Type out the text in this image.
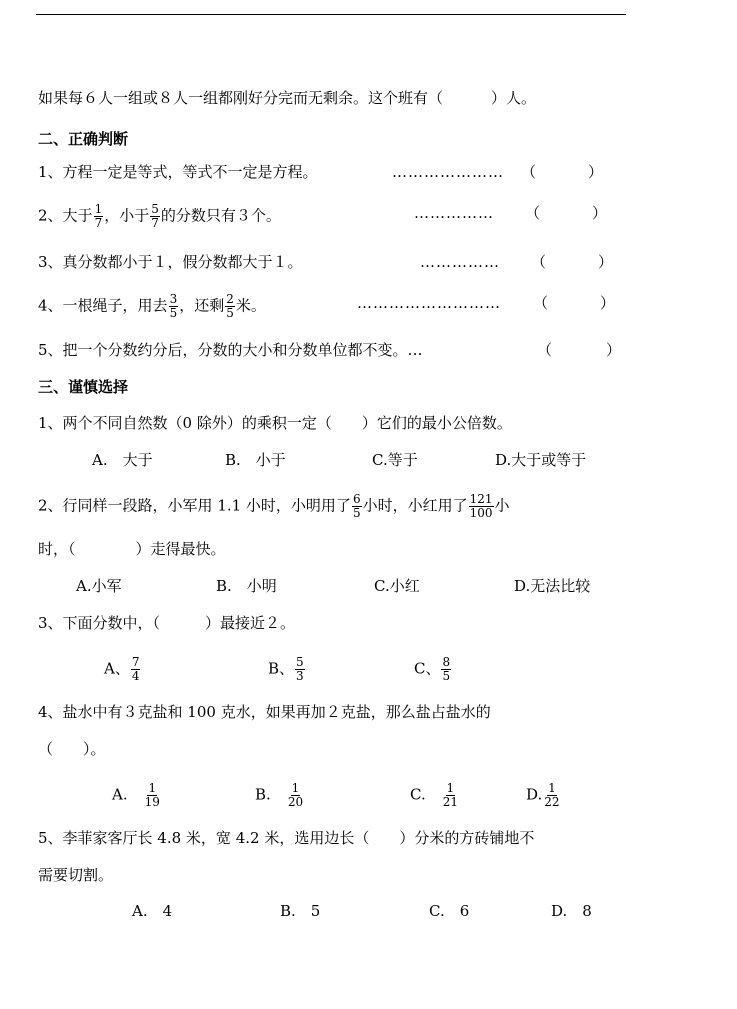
如果每６人一组或８人一组都刚好分完而无剩余。这个班有（	）人。
二、正确判断
1、方程一定是等式，等式不一定是方程。	………………… （	）
2、大于 $\frac{1}{7}$ ，小于 $\frac{5}{7}$ 的分数只有３个。	…………… （	）
3、真分数都小于１，假分数都大于１。	…………… （	）
4、一根绳子，用去 $\frac{3}{5}$ ，还剩 $\frac{2}{5}$ 米。	……………………… （	）
5、把一个分数约分后，分数的大小和分数单位都不变。…	（	）
三、谨慎选择
1、两个不同自然数（0 除外）的乘积一定（　　）它们的最小公倍数。
A.　大于	B.　小于	C.等于	D.大于或等于
2、行同样一段路，小军用 1.1 小时，小明用了 $\frac{6}{5}$ 小时，小红用了 $\frac{121}{100}$ 小
时，（　　　　）走得最快。
A.小军	B.　小明	C.小红	D.无法比较
3、下面分数中，（　　　）最接近２。
A、 $\frac{7}{4}$	B、 $\frac{5}{3}$	C、 $\frac{8}{5}$
4、盐水中有３克盐和 100 克水，如果再加２克盐，那么盐占盐水的
（　　）。
A.　 $\frac{1}{19}$	B.　 $\frac{1}{20}$	C.　 $\frac{1}{21}$	D. $\frac{1}{22}$
5、李菲家客厅长 4.8 米，宽 4.2 米，选用边长（　　）分米的方砖铺地不
需要切割。
A.　4	B.　5	C.　6	D.　8
